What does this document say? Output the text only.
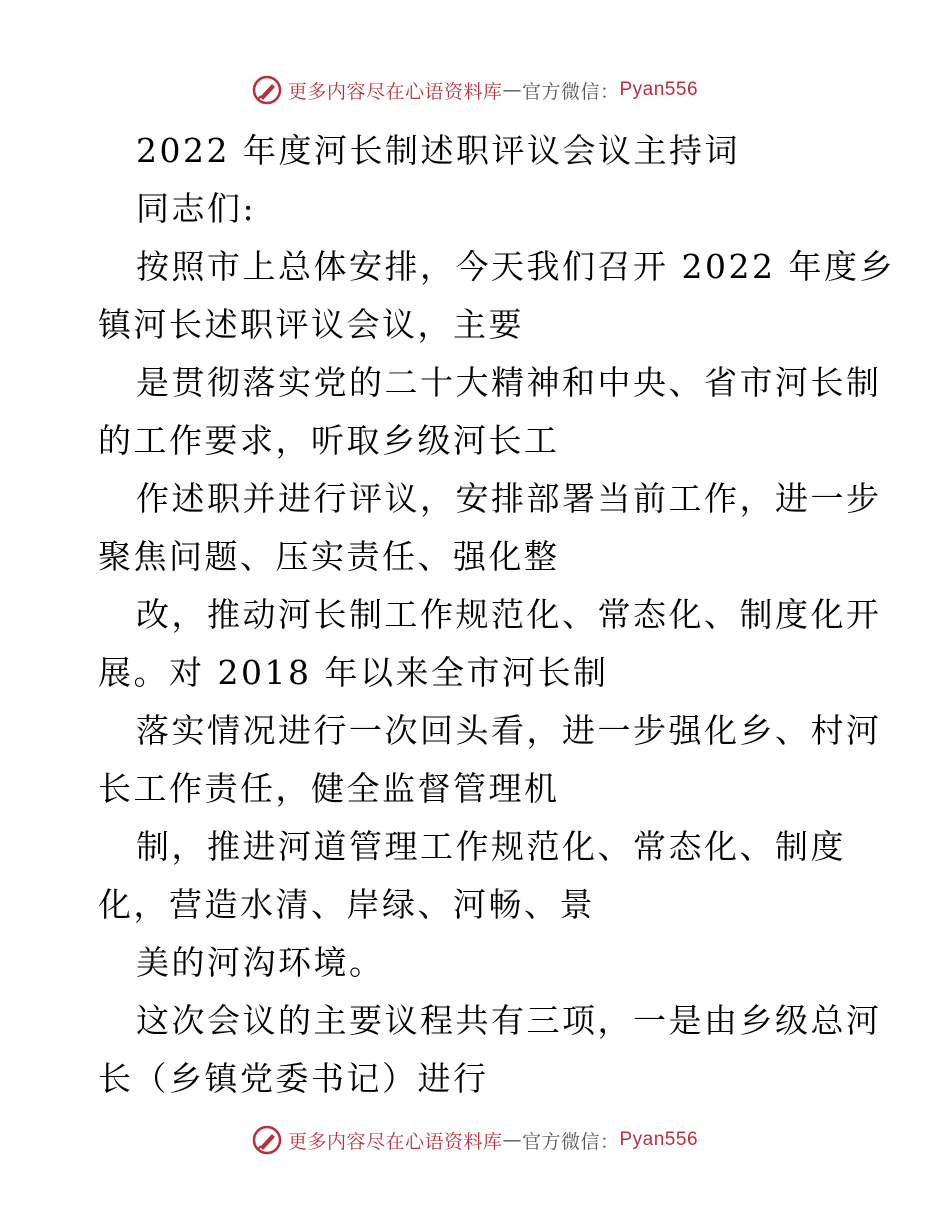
更多内容尽在心语资料库 — 官方微信： Pyan556
2022 年度河长制述职评议会议主持词
同志们:
按照市上总体安排，今天我们召开 2022 年度乡
镇河长述职评议会议，主要
是贯彻落实党的二十大精神和中央、省市河长制
的工作要求，听取乡级河长工
作述职并进行评议，安排部署当前工作，进一步
聚焦问题、压实责任、强化整
改，推动河长制工作规范化、常态化、制度化开
展。对 2018 年以来全市河长制
落实情况进行一次回头看，进一步强化乡、村河
长工作责任，健全监督管理机
制，推进河道管理工作规范化、常态化、制度
化，营造水清、岸绿、河畅、景
美的河沟环境。
这次会议的主要议程共有三项，一是由乡级总河
长（乡镇党委书记）进行
更多内容尽在心语资料库 — 官方微信： Pyan556
